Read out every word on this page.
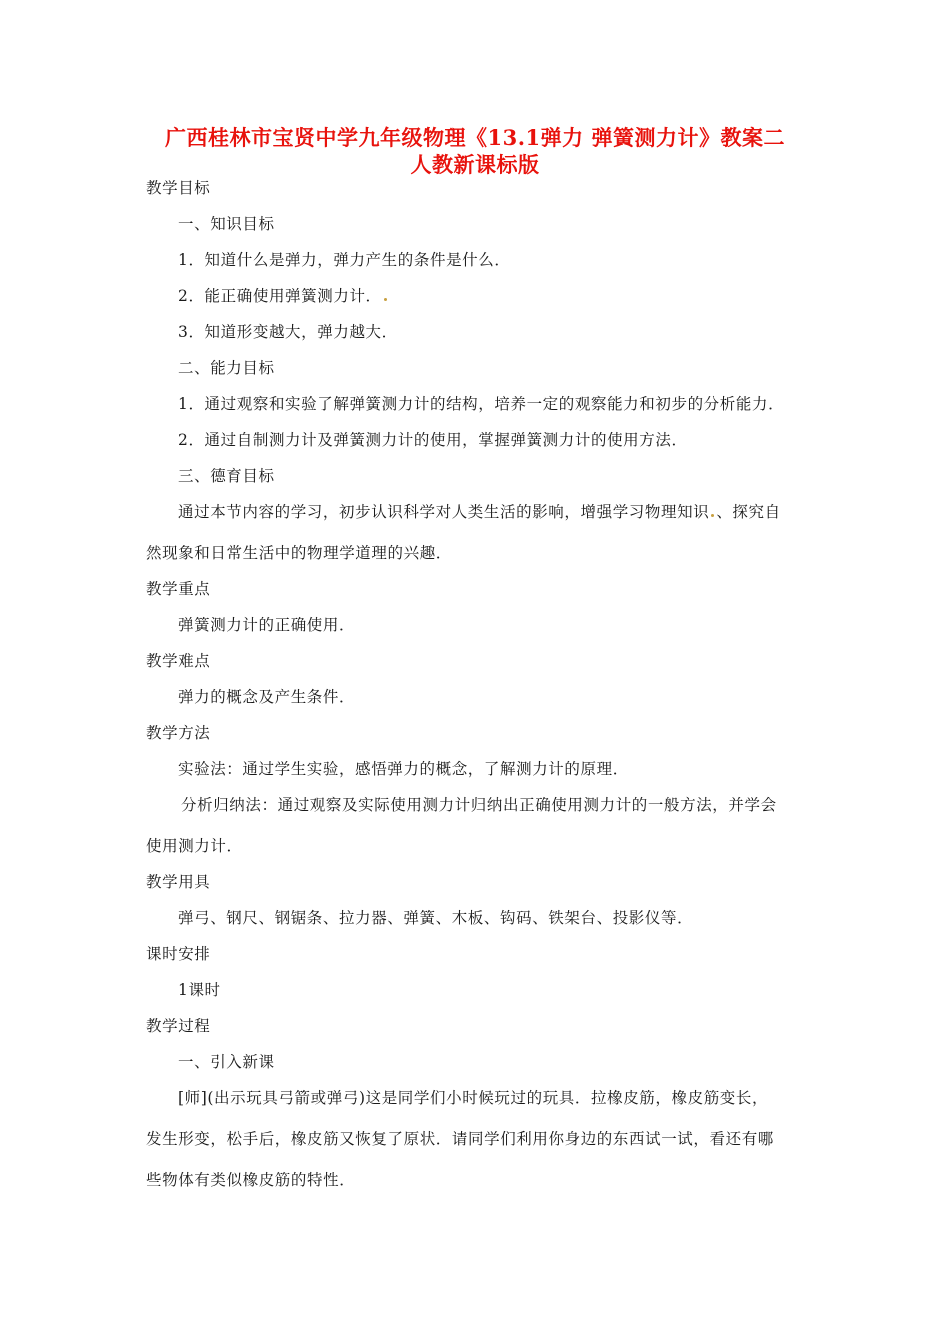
广西桂林市宝贤中学九年级物理《13.1弹力 弹簧测力计》教案二
人教新课标版
教学目标
一、知识目标
1．知道什么是弹力，弹力产生的条件是什么．
2．能正确使用弹簧测力计．
3．知道形变越大，弹力越大．
二、能力目标
1．通过观察和实验了解弹簧测力计的结构，培养一定的观察能力和初步的分析能力．
2．通过自制测力计及弹簧测力计的使用，掌握弹簧测力计的使用方法．
三、德育目标
通过本节内容的学习，初步认识科学对人类生活的影响，增强学习物理知识 、探究自
然现象和日常生活中的物理学道理的兴趣．
教学重点
弹簧测力计的正确使用．
教学难点
弹力的概念及产生条件．
教学方法
实验法：通过学生实验，感悟弹力的概念，了解测力计的原理．
分析归纳法：通过观察及实际使用测力计归纳出正确使用测力计的一般方法，并学会
使用测力计．
教学用具
弹弓、钢尺、钢锯条、拉力器、弹簧、木板、钩码、铁架台、投影仪等．
课时安排
1课时
教学过程
一、引入新课
[师](出示玩具弓箭或弹弓)这是同学们小时候玩过的玩具．拉橡皮筋，橡皮筋变长，
发生形变，松手后，橡皮筋又恢复了原状．请同学们利用你身边的东西试一试，看还有哪
些物体有类似橡皮筋的特性．
